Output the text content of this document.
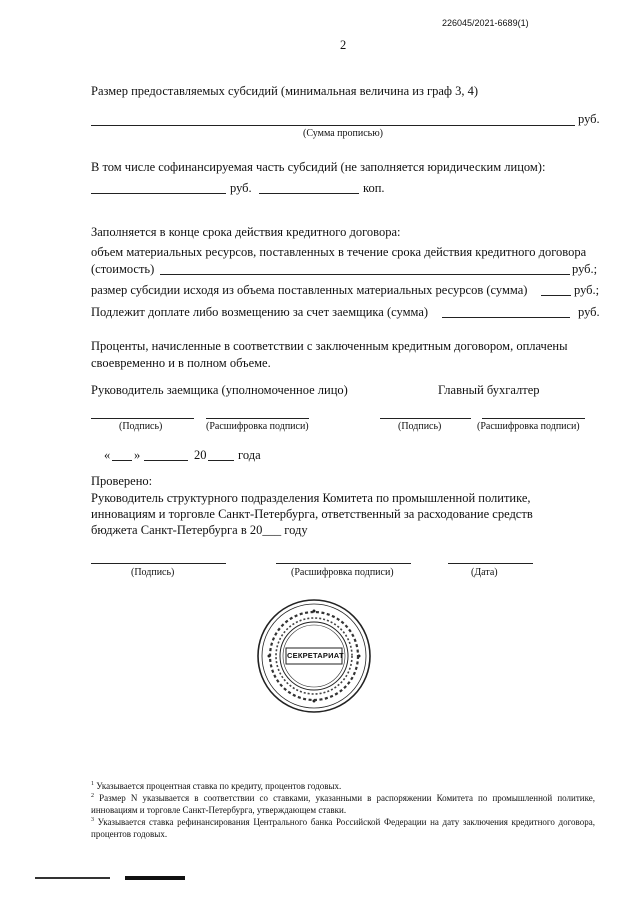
226045/2021-6689(1)
2
Размер предоставляемых субсидий (минимальная величина из граф 3, 4)
руб.
(Сумма прописью)
В том числе софинансируемая часть субсидий (не заполняется юридическим лицом):
руб.	коп.
Заполняется в конце срока действия кредитного договора:
объем материальных ресурсов, поставленных в течение срока действия кредитного договора
(стоимость)	руб.;
размер субсидии исходя из объема поставленных материальных ресурсов (сумма)	руб.;
Подлежит доплате либо возмещению за счет заемщика (сумма)	руб.
Проценты, начисленные в соответствии с заключенным кредитным договором, оплачены
своевременно и в полном объеме.
Руководитель заемщика (уполномоченное лицо)	Главный бухгалтер
(Подпись)	(Расшифровка подписи)	(Подпись)	(Расшифровка подписи)
« »	20	года
Проверено:
Руководитель структурного подразделения Комитета по промышленной политике,
инновациям и торговле Санкт-Петербурга, ответственный за расходование средств
бюджета Санкт-Петербурга в 20___ году
(Подпись)	(Расшифровка подписи)	(Дата)
СЕКРЕТАРИАТ
$^1$ Указывается процентная ставка по кредиту, процентов годовых.
$^2$ Размер N указывается в соответствии со ставками, указанными в распоряжении Комитета по промышленной политике, инновациям и торговле Санкт-Петербурга, утверждающем ставки.
$^3$ Указывается ставка рефинансирования Центрального банка Российской Федерации на дату заключения кредитного договора, процентов годовых.
